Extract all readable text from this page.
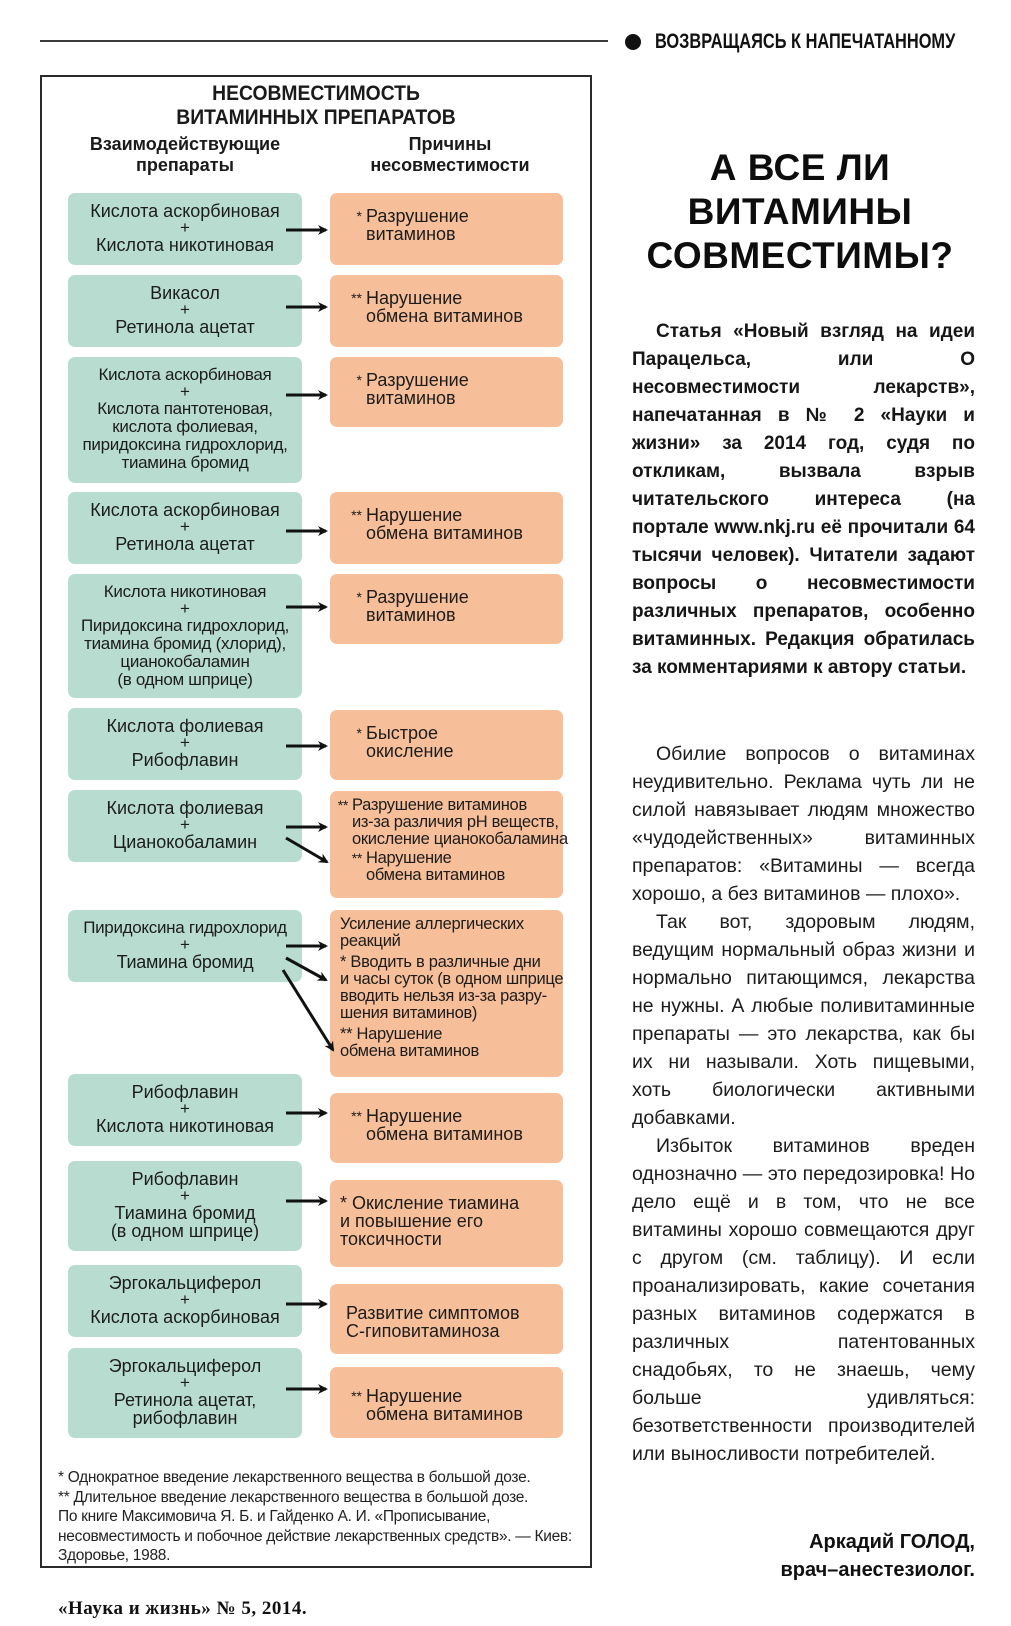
ВОЗВРАЩАЯСЬ К НАПЕЧАТАННОМУ
НЕСОВМЕСТИМОСТЬ
ВИТАМИННЫХ ПРЕПАРАТОВ
Взаимодействующие
препараты
Причины
несовместимости
Кислота аскорбиновая
+
Кислота никотиновая
* Разрушение
витаминов
Викасол
+
Ретинола ацетат
** Нарушение
обмена витаминов
Кислота аскорбиновая
+
Кислота пантотеновая,
кислота фолиевая,
пиридоксина гидрохлорид,
тиамина бромид
* Разрушение
витаминов
Кислота аскорбиновая
+
Ретинола ацетат
** Нарушение
обмена витаминов
Кислота никотиновая
+
Пиридоксина гидрохлорид,
тиамина бромид (хлорид),
цианокобаламин
(в одном шприце)
* Разрушение
витаминов
Кислота фолиевая
+
Рибофлавин
* Быстрое
окисление
Кислота фолиевая
+
Цианокобаламин
** Разрушение витаминов
из-за различия pH веществ,
окисление цианокобаламина
** Нарушение
обмена витаминов
Пиридоксина гидрохлорид
+
Тиамина бромид
Усиление аллергических
реакций
* Вводить в различные дни
и часы суток (в одном шприце
вводить нельзя из-за разру-
шения витаминов)
** Нарушение
обмена витаминов
Рибофлавин
+
Кислота никотиновая	** Нарушение
обмена витаминов
Рибофлавин
+
Тиамина бромид
(в одном шприце)
* Окисление тиамина
и повышение его
токсичности
Эргокальциферол
+
Кислота аскорбиновая	Развитие симптомов
С-гиповитаминоза
Эргокальциферол
+
Ретинола ацетат,
рибофлавин
** Нарушение
обмена витаминов
* Однократное введение лекарственного вещества в большой дозе.
** Длительное введение лекарственного вещества в большой дозе.
По книге Максимовича Я. Б. и Гайденко А. И. «Прописывание, несовместимость и побочное действие лекарственных средств». — Киев: Здоровье, 1988.
«Наука и жизнь» № 5, 2014.
А ВСЕ ЛИ
ВИТАМИНЫ
СОВМЕСТИМЫ?

Статья «Новый взгляд на идеи Парацельса, или О несовместимости лекарств», напечатанная в № 2 «Науки и жизни» за 2014 год, судя по откликам, вызвала взрыв читательского интереса (на портале www.nkj.ru её прочитали 64 тысячи человек). Читатели задают вопросы о несовместимости различных препаратов, особенно витаминных. Редакция обратилась за комментариями к автору статьи.

Обилие вопросов о витаминах неудивительно. Реклама чуть ли не силой навязывает людям множество «чудодейственных» витаминных препаратов: «Витамины — всегда хорошо, а без витаминов — плохо».

Так вот, здоровым людям, ведущим нормальный образ жизни и нормально питающимся, лекарства не нужны. А любые поливитаминные препараты — это лекарства, как бы их ни называли. Хоть пищевыми, хоть биологически активными добавками.

Избыток витаминов вреден однозначно — это передозировка! Но дело ещё и в том, что не все витамины хорошо совмещаются друг с другом (см. таблицу). И если проанализировать, какие сочетания разных витаминов содержатся в различных патентованных снадобьях, то не знаешь, чему больше удивляться: безответственности производителей или выносливости потребителей.

Аркадий ГОЛОД,
врач–анестезиолог.
